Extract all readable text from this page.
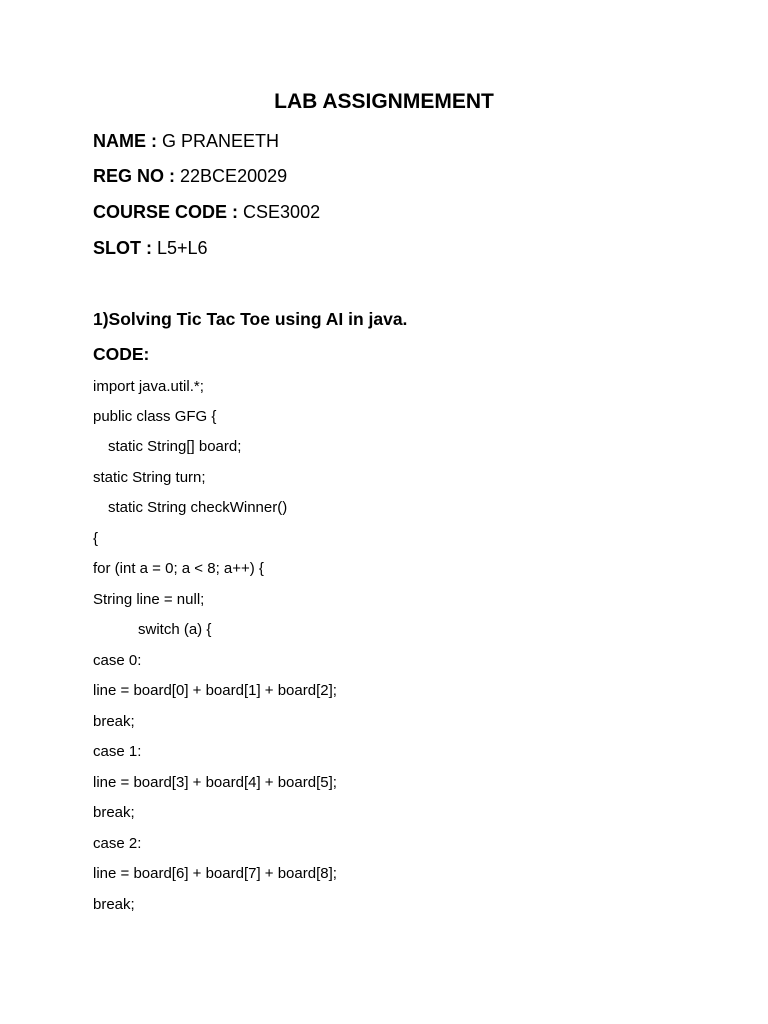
LAB ASSIGNMEMENT
NAME : G PRANEETH
REG NO : 22BCE20029
COURSE CODE : CSE3002
SLOT : L5+L6
1)Solving Tic Tac Toe using AI in java.
CODE:
import java.util.*;
public class GFG {
static String[] board;
static String turn;
static String checkWinner()
{
for (int a = 0; a < 8; a++) {
String line = null;
switch (a) {
case 0:
line = board[0] + board[1] + board[2];
break;
case 1:
line = board[3] + board[4] + board[5];
break;
case 2:
line = board[6] + board[7] + board[8];
break;
